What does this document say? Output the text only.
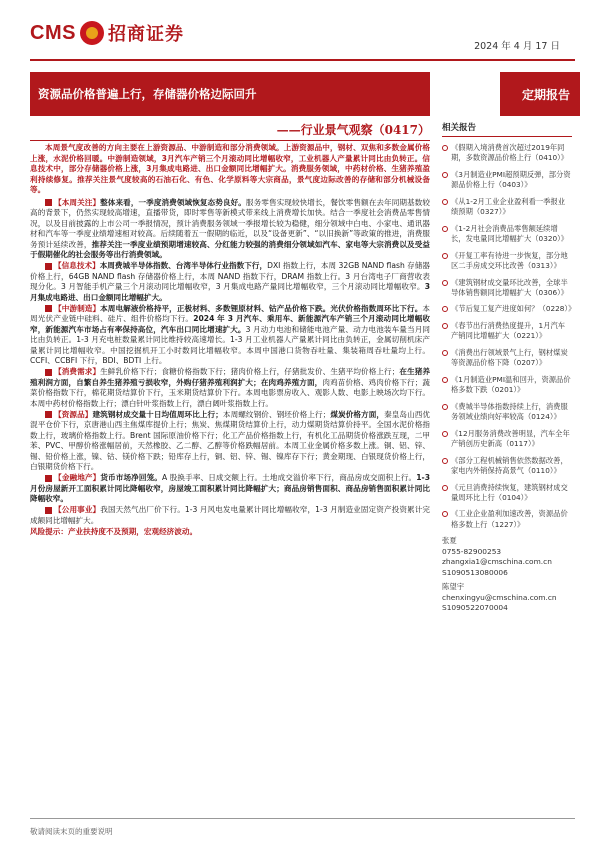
CMS 招商证券
2024 年 4 月 17 日
资源品价格普遍上行，存储器价格边际回升	定期报告
——行业景气观察（0417）

本周景气度改善的方向主要在上游资源品、中游制造和部分消费领域。上游资源品中，钢材、双焦和多数金属价格上涨，水泥价格回暖。中游制造领域，3月汽车产销三个月滚动同比增幅收窄，工业机器人产量累计同比由负转正。信息技术中，部分存储器价格上涨，3月集成电路进、出口金额同比增幅扩大。消费服务领域，中药材价格、生猪养殖盈利持续修复。推荐关注景气度较高的石油石化、有色、化学原料等大宗商品，景气度边际改善的存储和部分机械设备等。

【本周关注】整体来看，一季度消费领域恢复态势良好。服务零售实现较快增长，餐饮零售额在去年同期基数较高的背景下，仍然实现较高增速，直播带货，即时零售等新模式带来线上消费增长加快。结合一季度社会消费品零售情况，以及目前披露的上市公司一季报情况，预计消费服务领域一季报增长较为稳健，细分领域中白电、小家电、通讯器材和汽车等一季度业绩增速相对较高。后续随着五一假期的临近，以及“设备更新”、“以旧换新”等政策的推进，消费服务预计延续改善，推荐关注一季度业绩预期增速较高、分红能力较强的消费细分领域如汽车、家电等大宗消费以及受益于假期催化的社会服务等出行消费领域。

【信息技术】本周费城半导体指数、台湾半导体行业指数下行，DXI 指数上行，本周 32GB NAND flash 存储器价格上行，64GB NAND flash 存储器价格上行，本周 NAND 指数下行，DRAM 指数上行。3 月台湾电子厂商营收表现分化。3 月智能手机产量三个月滚动同比增幅收窄，3 月集成电路产量同比增幅收窄，三个月滚动同比增幅收窄。3 月集成电路进、出口金额同比增幅扩大。

【中游制造】本周电解液价格持平，正极材料、多数锂原材料、钴产品价格下跌。光伏价格指数周环比下行。本周光伏产业链中硅料、硅片、组件价格均下行。2024 年 3 月汽车、乘用车、新能源汽车产销三个月滚动同比增幅收窄，新能源汽车市场占有率保持高位，汽车出口同比增速扩大。3 月动力电池和储能电池产量、动力电池装车量当月同比由负转正。1-3 月充电桩数量累计同比维持较高速增长。1-3 月工业机器人产量累计同比由负转正，金属切削机床产量累计同比增幅收窄。中国挖掘机开工小时数同比增幅收窄。本周中国港口货物吞吐量、集装箱周吞吐量均上行。CCFI、CCBFI 下行，BDI、BDTI 上行。

【消费需求】生鲜乳价格下行；食糖价格指数下行；猪肉价格上行，仔猪批发价、生猪平均价格上行；在生猪养殖利润方面，自繁自养生猪养殖亏损收窄，外购仔猪养殖利润扩大；在肉鸡养殖方面，肉鸡苗价格、鸡肉价格下行；蔬菜价格指数下行，棉花期货结算价下行，玉米期货结算价下行。本周电影票房收入、观影人数、电影上映场次均下行。本周中药材价格指数上行；漂白针叶浆指数上行，漂白阔叶浆指数上行。

【资源品】建筑钢材成交量十日均值周环比上行；本周螺纹钢价、钢坯价格上行；煤炭价格方面，秦皇岛山西优混平仓价下行，京唐港山西主焦煤库提价上行；焦炭、焦煤期货结算价上行，动力煤期货结算价持平。全国水泥价格指数上行，玻璃价格指数上行。Brent 国际原油价格下行；化工产品价格指数上行，有机化工品期货价格涨跌互现，二甲苯、PVC、甲醇价格涨幅居前，天然橡胶、乙二醇、乙醇等价格跌幅居前。本周工业金属价格多数上涨。铜、铝、锌、锡、铅价格上涨，镍、钴、镁价格下跌；铅库存上行，铜、铝、锌、锡、镍库存下行；黄金期现、白银现货价格上行，白银期货价格下行。

【金融地产】货币市场净回笼。A 股换手率、日成交额上行。土地成交溢价率下行，商品房成交面积上行。1-3 月份房屋新开工面积累计同比降幅收窄，房屋竣工面积累计同比降幅扩大；商品房销售面积、商品房销售面积累计同比降幅收窄。

【公用事业】我国天然气出厂价下行。1-3 月风电发电量累计同比增幅收窄，1-3 月制造业固定资产投资累计完成额同比增幅扩大。

风险提示：产业扶持度不及预期，宏观经济波动。

相关报告
《假期入境消费首次超过2019年同期，多数资源品价格上行（0410）》
《3月制造业PMI超预期反弹，部分资源品价格上行（0403）》
《从1-2月工业企业盈利看一季报业绩预期（0327）》
《1-2月社会消费品零售额延续增长，发电量同比增幅扩大（0320）》
《开复工率有待进一步恢复，部分地区二手房成交环比改善（0313）》
《建筑钢材成交量环比改善，全球半导体销售额同比增幅扩大（0306）》
《节后复工复产进度如何？（0228）》
《春节出行消费热度提升，1月汽车产销同比增幅扩大（0221）》
《消费出行领域景气上行，钢材煤炭等资源品价格下降（0207）》
《1月制造业PMI温和回升，资源品价格多数下跌（0201）》
《费城半导体指数持续上行，消费服务领域业绩向好率较高（0124）》
《12月服务消费改善明显，汽车全年产销创历史新高（0117）》
《部分工程机械销售依然数据改善，家电内外销保持高景气（0110）》
《元旦消费持续恢复，建筑钢材成交量周环比上行（0104）》
《工业企业盈利加速改善，资源品价格多数上行（1227）》
张夏
0755-82900253
zhangxia1@cmschina.com.cn
S1090513080006
陈望宇
chenxingyu@cmschina.com.cn
S1090522070004
敬请阅读末页的重要说明
